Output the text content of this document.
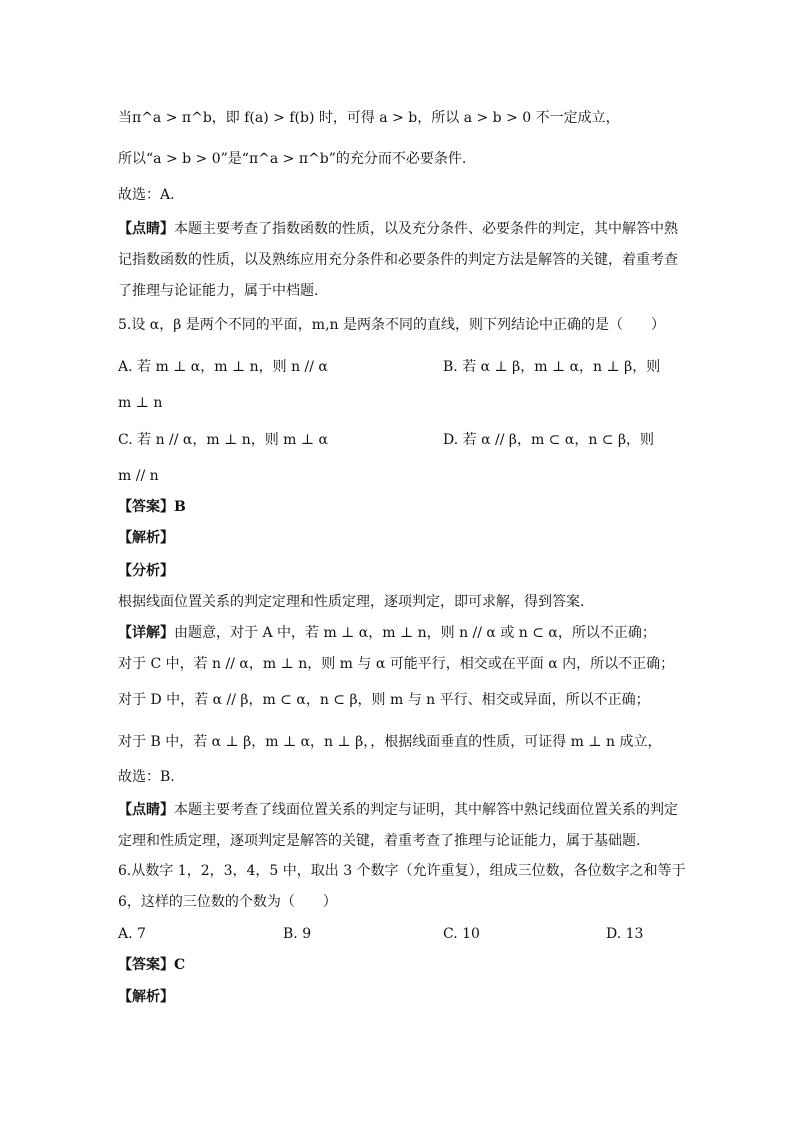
当π^a > π^b，即 f(a) > f(b) 时，可得 a > b，所以 a > b > 0 不一定成立，
所以“a > b > 0”是“π^a > π^b”的充分而不必要条件.
故选：A.
【点睛】本题主要考查了指数函数的性质，以及充分条件、必要条件的判定，其中解答中熟
记指数函数的性质，以及熟练应用充分条件和必要条件的判定方法是解答的关键，着重考查
了推理与论证能力，属于中档题.
5.设 α，β 是两个不同的平面，m,n 是两条不同的直线，则下列结论中正确的是（　　）
A. 若 m ⊥ α，m ⊥ n，则 n // α	B. 若 α ⊥ β，m ⊥ α，n ⊥ β，则
m ⊥ n
C. 若 n // α，m ⊥ n，则 m ⊥ α	D. 若 α // β，m ⊂ α，n ⊂ β，则
m // n
【答案】B
【解析】
【分析】
根据线面位置关系的判定定理和性质定理，逐项判定，即可求解，得到答案.
【详解】由题意，对于 A 中，若 m ⊥ α，m ⊥ n，则 n // α 或 n ⊂ α，所以不正确；
对于 C 中，若 n // α，m ⊥ n，则 m 与 α 可能平行，相交或在平面 α 内，所以不正确；
对于 D 中，若 α // β，m ⊂ α，n ⊂ β，则 m 与 n 平行、相交或异面，所以不正确；
对于 B 中，若 α ⊥ β，m ⊥ α，n ⊥ β，，根据线面垂直的性质，可证得 m ⊥ n 成立，
故选：B.
【点睛】本题主要考查了线面位置关系的判定与证明，其中解答中熟记线面位置关系的判定
定理和性质定理，逐项判定是解答的关键，着重考查了推理与论证能力，属于基础题.
6.从数字 1，2，3，4，5 中，取出 3 个数字（允许重复），组成三位数，各位数字之和等于
6，这样的三位数的个数为（　　）
A. 7	B. 9	C. 10	D. 13
【答案】C
【解析】
